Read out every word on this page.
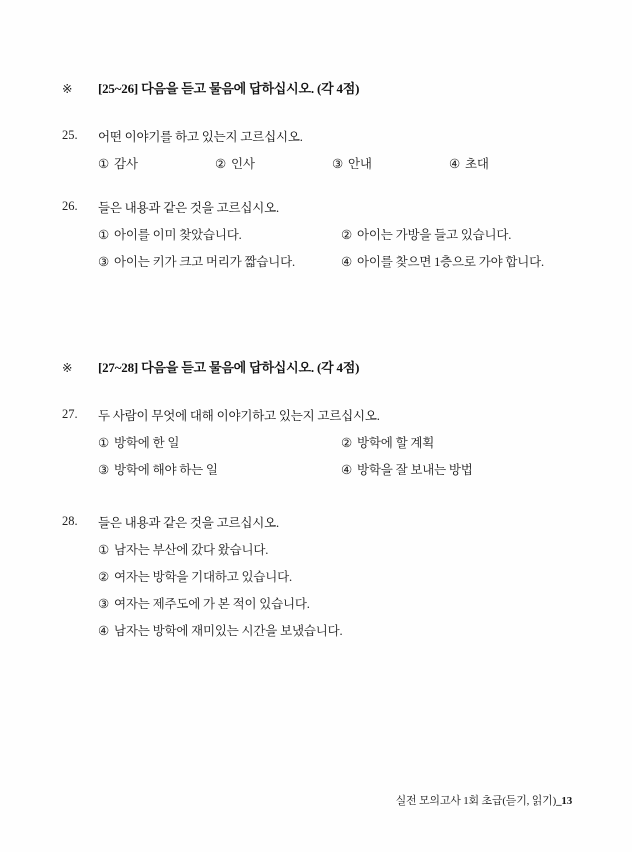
※	[25~26] 다음을 듣고 물음에 답하십시오. (각 4점)
25.	어떤 이야기를 하고 있는지 고르십시오.
① 감사	② 인사	③ 안내	④ 초대
26.	들은 내용과 같은 것을 고르십시오.
① 아이를 이미 찾았습니다.	② 아이는 가방을 들고 있습니다.
③ 아이는 키가 크고 머리가 짧습니다.	④ 아이를 찾으면 1층으로 가야 합니다.
※	[27~28] 다음을 듣고 물음에 답하십시오. (각 4점)
27.	두 사람이 무엇에 대해 이야기하고 있는지 고르십시오.
① 방학에 한 일	② 방학에 할 계획
③ 방학에 해야 하는 일	④ 방학을 잘 보내는 방법
28.	들은 내용과 같은 것을 고르십시오.
① 남자는 부산에 갔다 왔습니다.
② 여자는 방학을 기대하고 있습니다.
③ 여자는 제주도에 가 본 적이 있습니다.
④ 남자는 방학에 재미있는 시간을 보냈습니다.
실전 모의고사 1회 초급(듣기, 읽기)_13
